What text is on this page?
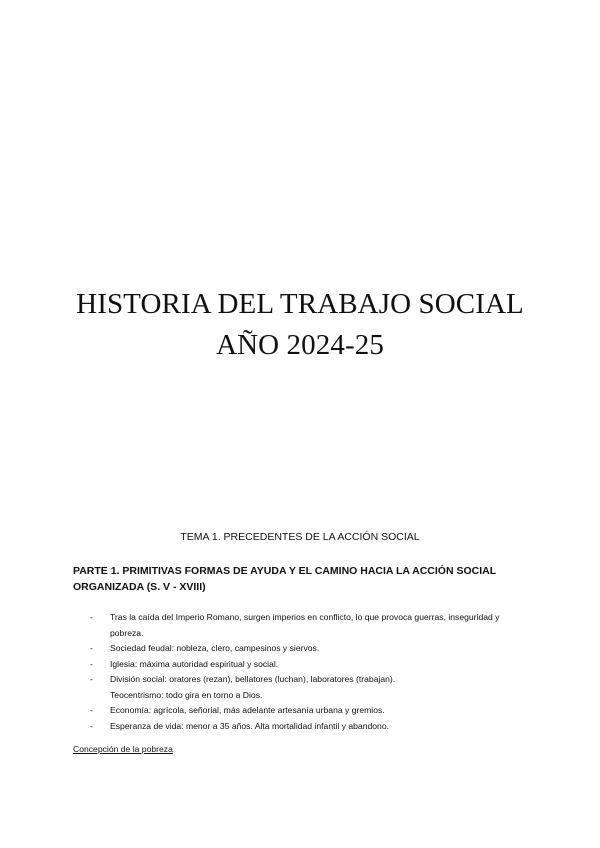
HISTORIA DEL TRABAJO SOCIAL
AÑO 2024-25
TEMA 1. PRECEDENTES DE LA ACCIÓN SOCIAL
PARTE 1. PRIMITIVAS FORMAS DE AYUDA Y EL CAMINO HACIA LA ACCIÓN SOCIAL ORGANIZADA (S. V - XVIII)
- Tras la caída del Imperio Romano, surgen imperios en conflicto, lo que provoca guerras, inseguridad y pobreza.
- Sociedad feudal: nobleza, clero, campesinos y siervos.
- Iglesia: máxima autoridad espiritual y social.
- División social: oratores (rezan), bellatores (luchan), laboratores (trabajan).
Teocentrismo: todo gira en torno a Dios.
- Economía: agrícola, señorial, más adelante artesanía urbana y gremios.
- Esperanza de vida: menor a 35 años. Alta mortalidad infantil y abandono.
Concepción de la pobreza
